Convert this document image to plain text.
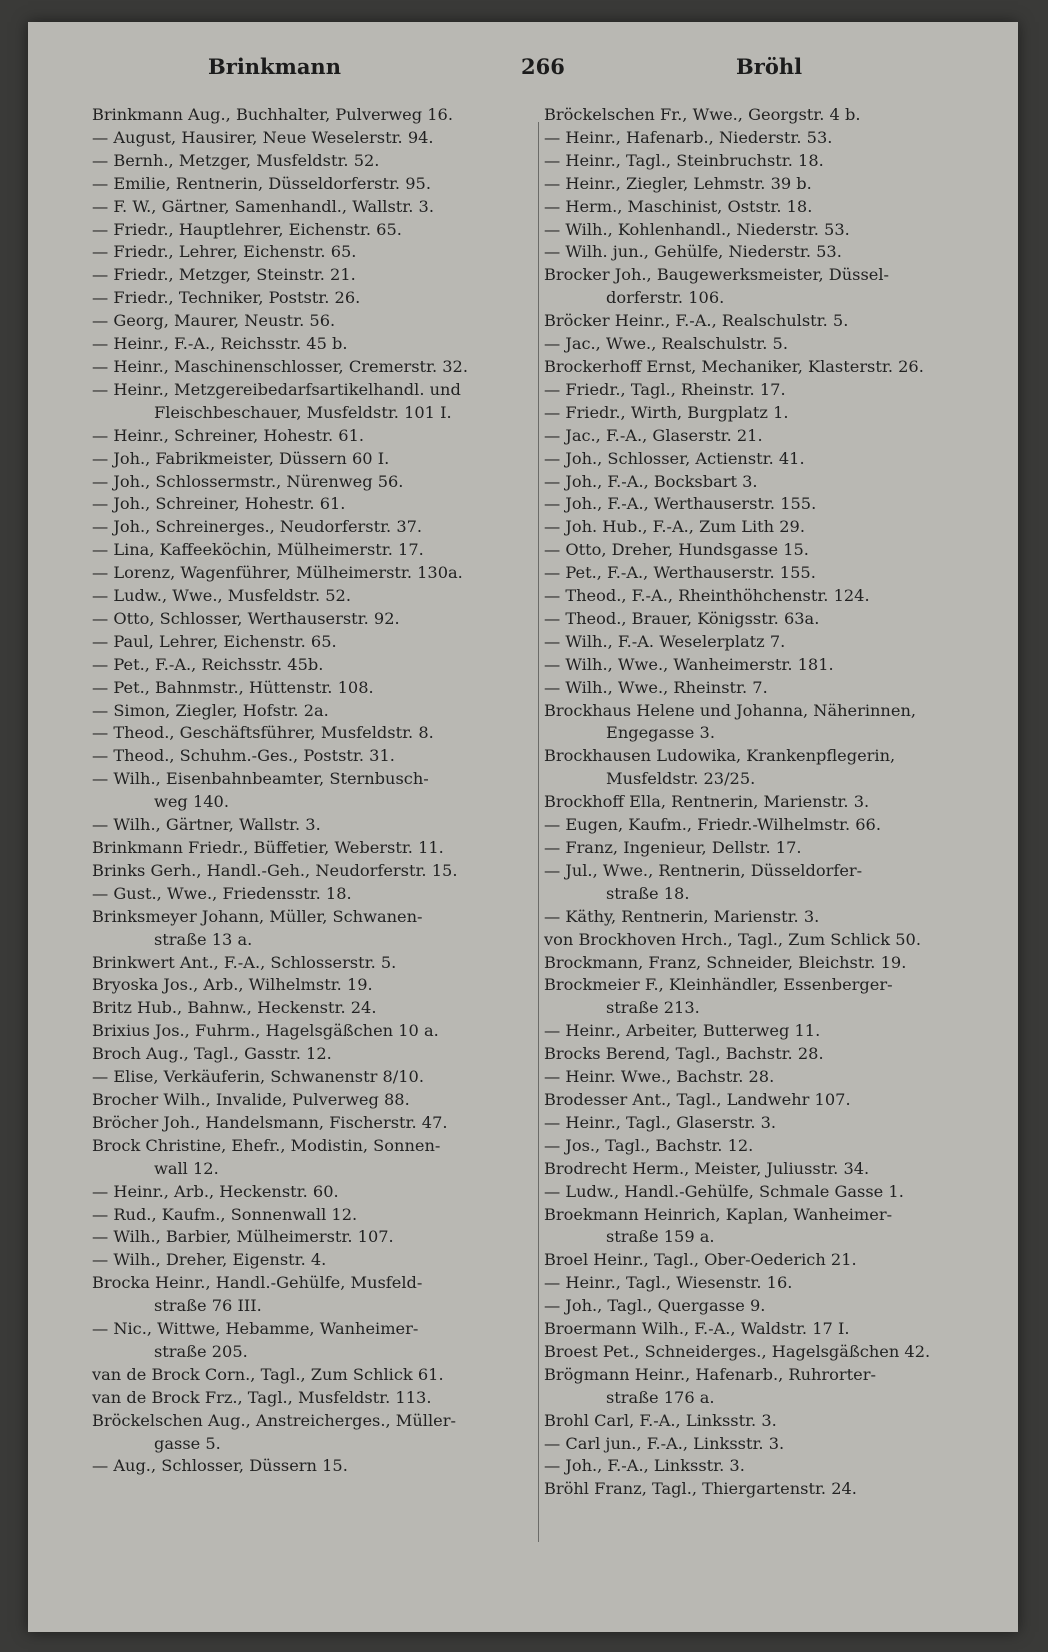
Brinkmann	266	Bröhl
Brinkmann Aug., Buchhalter, Pulverweg 16.
— August, Hausirer, Neue Weselerstr. 94.
— Bernh., Metzger, Musfeldstr. 52.
— Emilie, Rentnerin, Düsseldorferstr. 95.
— F. W., Gärtner, Samenhandl., Wallstr. 3.
— Friedr., Hauptlehrer, Eichenstr. 65.
— Friedr., Lehrer, Eichenstr. 65.
— Friedr., Metzger, Steinstr. 21.
— Friedr., Techniker, Poststr. 26.
— Georg, Maurer, Neustr. 56.
— Heinr., F.-A., Reichsstr. 45 b.
— Heinr., Maschinenschlosser, Cremerstr. 32.
— Heinr., Metzgereibedarfsartikelhandl. und
Fleischbeschauer, Musfeldstr. 101 I.
— Heinr., Schreiner, Hohestr. 61.
— Joh., Fabrikmeister, Düssern 60 I.
— Joh., Schlossermstr., Nürenweg 56.
— Joh., Schreiner, Hohestr. 61.
— Joh., Schreinerges., Neudorferstr. 37.
— Lina, Kaffeeköchin, Mülheimerstr. 17.
— Lorenz, Wagenführer, Mülheimerstr. 130a.
— Ludw., Wwe., Musfeldstr. 52.
— Otto, Schlosser, Werthauserstr. 92.
— Paul, Lehrer, Eichenstr. 65.
— Pet., F.-A., Reichsstr. 45b.
— Pet., Bahnmstr., Hüttenstr. 108.
— Simon, Ziegler, Hofstr. 2a.
— Theod., Geschäftsführer, Musfeldstr. 8.
— Theod., Schuhm.-Ges., Poststr. 31.
— Wilh., Eisenbahnbeamter, Sternbusch-
weg 140.
— Wilh., Gärtner, Wallstr. 3.
Brinkmann Friedr., Büffetier, Weberstr. 11.
Brinks Gerh., Handl.-Geh., Neudorferstr. 15.
— Gust., Wwe., Friedensstr. 18.
Brinksmeyer Johann, Müller, Schwanen-
straße 13 a.
Brinkwert Ant., F.-A., Schlosserstr. 5.
Bryoska Jos., Arb., Wilhelmstr. 19.
Britz Hub., Bahnw., Heckenstr. 24.
Brixius Jos., Fuhrm., Hagelsgäßchen 10 a.
Broch Aug., Tagl., Gasstr. 12.
— Elise, Verkäuferin, Schwanenstr 8/10.
Brocher Wilh., Invalide, Pulverweg 88.
Bröcher Joh., Handelsmann, Fischerstr. 47.
Brock Christine, Ehefr., Modistin, Sonnen-
wall 12.
— Heinr., Arb., Heckenstr. 60.
— Rud., Kaufm., Sonnenwall 12.
— Wilh., Barbier, Mülheimerstr. 107.
— Wilh., Dreher, Eigenstr. 4.
Brocka Heinr., Handl.-Gehülfe, Musfeld-
straße 76 III.
— Nic., Wittwe, Hebamme, Wanheimer-
straße 205.
van de Brock Corn., Tagl., Zum Schlick 61.
van de Brock Frz., Tagl., Musfeldstr. 113.
Bröckelschen Aug., Anstreicherges., Müller-
gasse 5.
— Aug., Schlosser, Düssern 15.
Bröckelschen Fr., Wwe., Georgstr. 4 b.
— Heinr., Hafenarb., Niederstr. 53.
— Heinr., Tagl., Steinbruchstr. 18.
— Heinr., Ziegler, Lehmstr. 39 b.
— Herm., Maschinist, Oststr. 18.
— Wilh., Kohlenhandl., Niederstr. 53.
— Wilh. jun., Gehülfe, Niederstr. 53.
Brocker Joh., Baugewerksmeister, Düssel-
dorferstr. 106.
Bröcker Heinr., F.-A., Realschulstr. 5.
— Jac., Wwe., Realschulstr. 5.
Brockerhoff Ernst, Mechaniker, Klasterstr. 26.
— Friedr., Tagl., Rheinstr. 17.
— Friedr., Wirth, Burgplatz 1.
— Jac., F.-A., Glaserstr. 21.
— Joh., Schlosser, Actienstr. 41.
— Joh., F.-A., Bocksbart 3.
— Joh., F.-A., Werthauserstr. 155.
— Joh. Hub., F.-A., Zum Lith 29.
— Otto, Dreher, Hundsgasse 15.
— Pet., F.-A., Werthauserstr. 155.
— Theod., F.-A., Rheinthöhchenstr. 124.
— Theod., Brauer, Königsstr. 63a.
— Wilh., F.-A. Weselerplatz 7.
— Wilh., Wwe., Wanheimerstr. 181.
— Wilh., Wwe., Rheinstr. 7.
Brockhaus Helene und Johanna, Näherinnen,
Engegasse 3.
Brockhausen Ludowika, Krankenpflegerin,
Musfeldstr. 23/25.
Brockhoff Ella, Rentnerin, Marienstr. 3.
— Eugen, Kaufm., Friedr.-Wilhelmstr. 66.
— Franz, Ingenieur, Dellstr. 17.
— Jul., Wwe., Rentnerin, Düsseldorfer-
straße 18.
— Käthy, Rentnerin, Marienstr. 3.
von Brockhoven Hrch., Tagl., Zum Schlick 50.
Brockmann, Franz, Schneider, Bleichstr. 19.
Brockmeier F., Kleinhändler, Essenberger-
straße 213.
— Heinr., Arbeiter, Butterweg 11.
Brocks Berend, Tagl., Bachstr. 28.
— Heinr. Wwe., Bachstr. 28.
Brodesser Ant., Tagl., Landwehr 107.
— Heinr., Tagl., Glaserstr. 3.
— Jos., Tagl., Bachstr. 12.
Brodrecht Herm., Meister, Juliusstr. 34.
— Ludw., Handl.-Gehülfe, Schmale Gasse 1.
Broekmann Heinrich, Kaplan, Wanheimer-
straße 159 a.
Broel Heinr., Tagl., Ober-Oederich 21.
— Heinr., Tagl., Wiesenstr. 16.
— Joh., Tagl., Quergasse 9.
Broermann Wilh., F.-A., Waldstr. 17 I.
Broest Pet., Schneiderges., Hagelsgäßchen 42.
Brögmann Heinr., Hafenarb., Ruhrorter-
straße 176 a.
Brohl Carl, F.-A., Linksstr. 3.
— Carl jun., F.-A., Linksstr. 3.
— Joh., F.-A., Linksstr. 3.
Bröhl Franz, Tagl., Thiergartenstr. 24.
